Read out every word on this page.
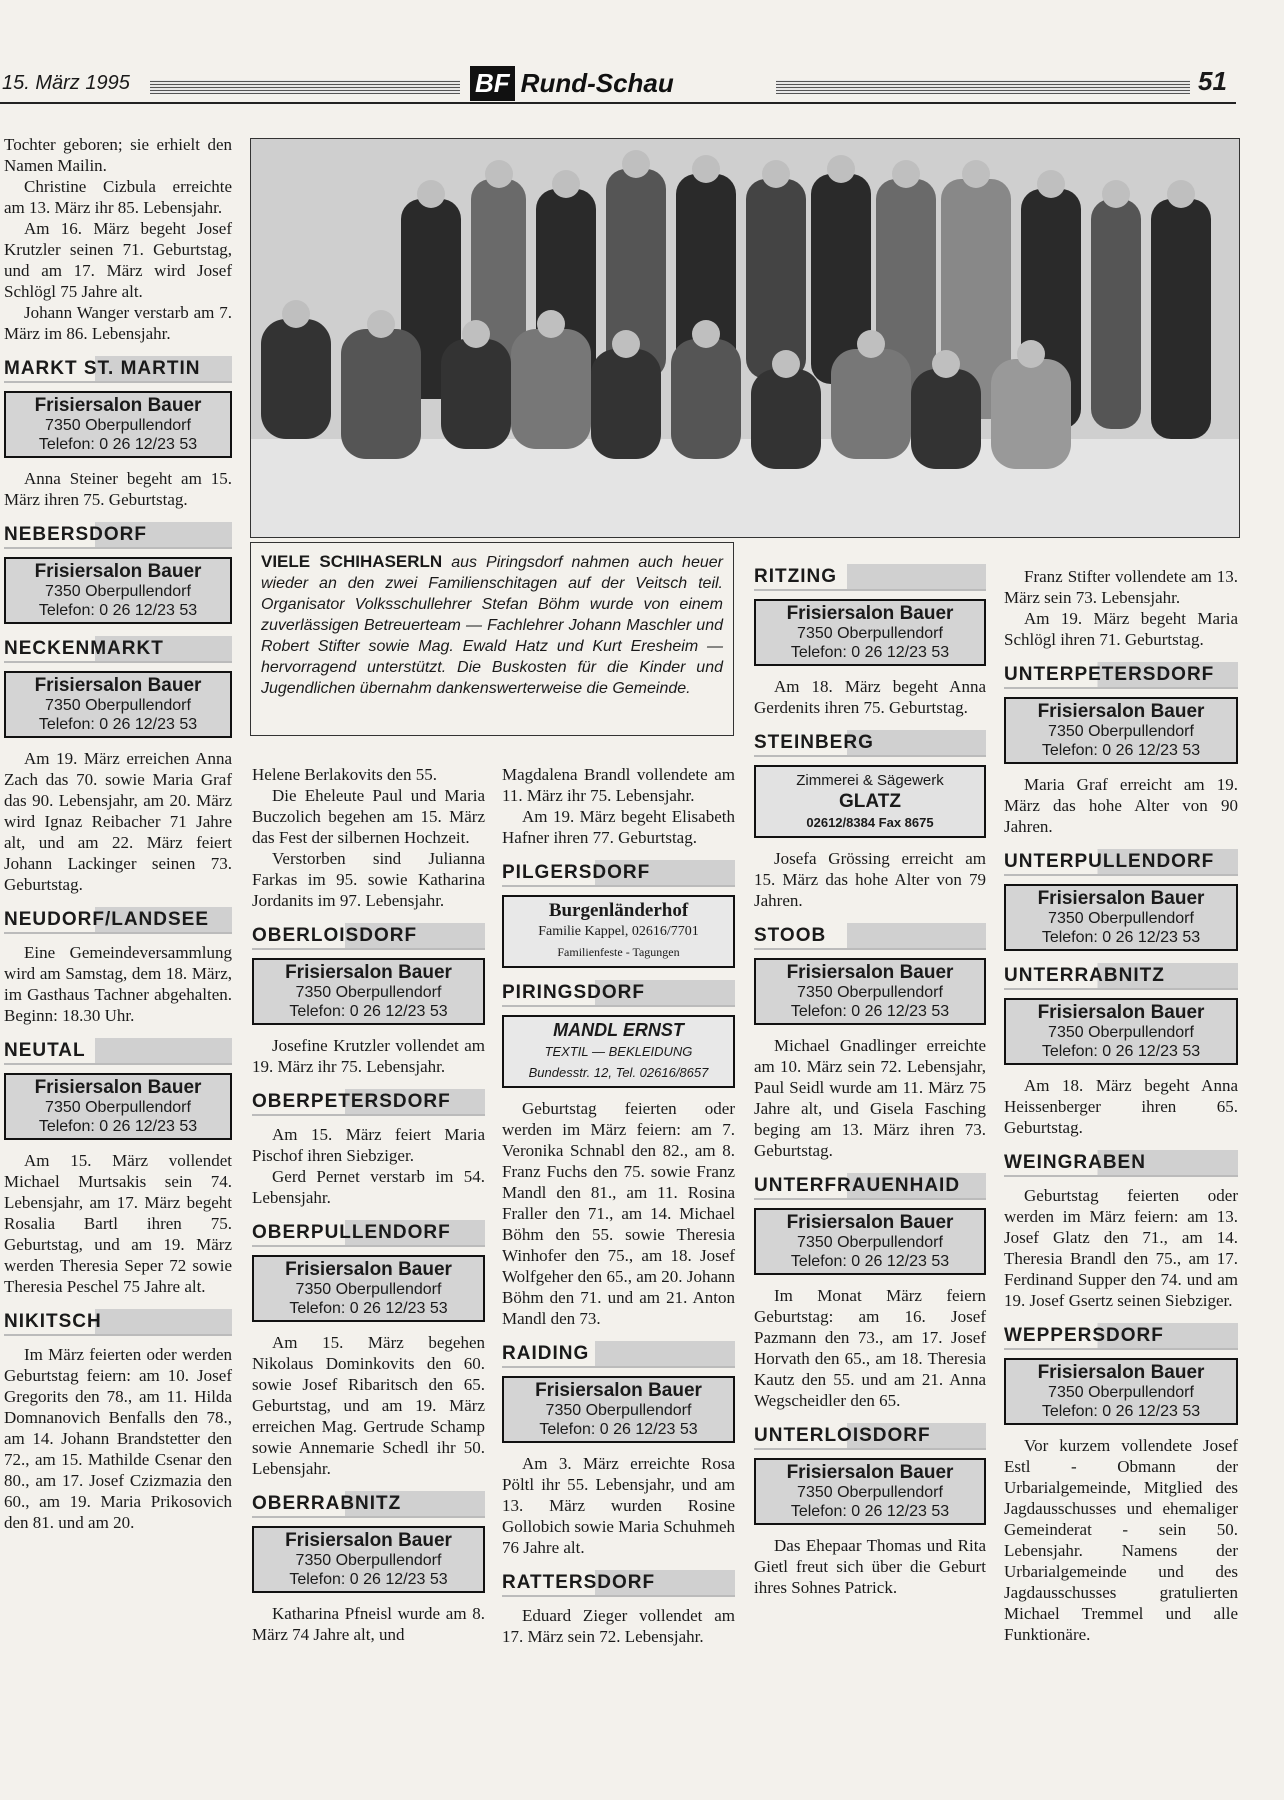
15. März 1995	BF Rund-Schau	51
VIELE SCHIHASERLN aus Piringsdorf nahmen auch heuer wieder an den zwei Familienschitagen auf der Veitsch teil. Organisator Volksschullehrer Stefan Böhm wurde von einem zuverlässigen Betreuerteam — Fachlehrer Johann Maschler und Robert Stifter sowie Mag. Ewald Hatz und Kurt Eresheim — hervorragend unterstützt. Die Buskosten für die Kinder und Jugendlichen übernahm dankenswerterweise die Gemeinde.

Tochter geboren; sie erhielt den Namen Mailin.

Christine Cizbula erreichte am 13. März ihr 85. Lebensjahr.

Am 16. März begeht Josef Krutzler seinen 71. Geburtstag, und am 17. März wird Josef Schlögl 75 Jahre alt.

Johann Wanger verstarb am 7. März im 86. Lebensjahr.

MARKT ST. MARTIN
Frisiersalon Bauer
7350 Oberpullendorf
Telefon: 0 26 12/23 53

Anna Steiner begeht am 15. März ihren 75. Geburtstag.

NEBERSDORF
Frisiersalon Bauer
7350 Oberpullendorf
Telefon: 0 26 12/23 53
NECKENMARKT
Frisiersalon Bauer
7350 Oberpullendorf
Telefon: 0 26 12/23 53

Am 19. März erreichen Anna Zach das 70. sowie Maria Graf das 90. Lebensjahr, am 20. März wird Ignaz Reibacher 71 Jahre alt, und am 22. März feiert Johann Lackinger seinen 73. Geburtstag.

NEUDORF/LANDSEE

Eine Gemeindeversammlung wird am Samstag, dem 18. März, im Gasthaus Tachner abgehalten. Beginn: 18.30 Uhr.

NEUTAL
Frisiersalon Bauer
7350 Oberpullendorf
Telefon: 0 26 12/23 53

Am 15. März vollendet Michael Murtsakis sein 74. Lebensjahr, am 17. März begeht Rosalia Bartl ihren 75. Geburtstag, und am 19. März werden Theresia Seper 72 sowie Theresia Peschel 75 Jahre alt.

NIKITSCH

Im März feierten oder werden Geburtstag feiern: am 10. Josef Gregorits den 78., am 11. Hilda Domnanovich Benfalls den 78., am 14. Johann Brandstetter den 72., am 15. Mathilde Csenar den 80., am 17. Josef Czizmazia den 60., am 19. Maria Prikosovich den 81. und am 20.

Helene Berlakovits den 55.

Die Eheleute Paul und Maria Buczolich begehen am 15. März das Fest der silbernen Hochzeit.

Verstorben sind Julianna Farkas im 95. sowie Katharina Jordanits im 97. Lebensjahr.

OBERLOISDORF
Frisiersalon Bauer
7350 Oberpullendorf
Telefon: 0 26 12/23 53

Josefine Krutzler vollendet am 19. März ihr 75. Lebensjahr.

OBERPETERSDORF

Am 15. März feiert Maria Pischof ihren Siebziger.

Gerd Pernet verstarb im 54. Lebensjahr.

OBERPULLENDORF
Frisiersalon Bauer
7350 Oberpullendorf
Telefon: 0 26 12/23 53

Am 15. März begehen Nikolaus Dominkovits den 60. sowie Josef Ribaritsch den 65. Geburtstag, und am 19. März erreichen Mag. Gertrude Schamp sowie Annemarie Schedl ihr 50. Lebensjahr.

OBERRABNITZ
Frisiersalon Bauer
7350 Oberpullendorf
Telefon: 0 26 12/23 53

Katharina Pfneisl wurde am 8. März 74 Jahre alt, und

Magdalena Brandl vollendete am 11. März ihr 75. Lebensjahr.

Am 19. März begeht Elisabeth Hafner ihren 77. Geburtstag.

PILGERSDORF
Burgenländerhof
Familie Kappel, 02616/7701
Familienfeste - Tagungen
PIRINGSDORF
MANDL ERNST
TEXTIL — BEKLEIDUNG
Bundesstr. 12, Tel. 02616/8657

Geburtstag feierten oder werden im März feiern: am 7. Veronika Schnabl den 82., am 8. Franz Fuchs den 75. sowie Franz Mandl den 81., am 11. Rosina Fraller den 71., am 14. Michael Böhm den 55. sowie Theresia Winhofer den 75., am 18. Josef Wolfgeher den 65., am 20. Johann Böhm den 71. und am 21. Anton Mandl den 73.

RAIDING
Frisiersalon Bauer
7350 Oberpullendorf
Telefon: 0 26 12/23 53

Am 3. März erreichte Rosa Pöltl ihr 55. Lebensjahr, und am 13. März wurden Rosine Gollobich sowie Maria Schuhmeh 76 Jahre alt.

RATTERSDORF

Eduard Zieger vollendet am 17. März sein 72. Lebensjahr.

RITZING
Frisiersalon Bauer
7350 Oberpullendorf
Telefon: 0 26 12/23 53

Am 18. März begeht Anna Gerdenits ihren 75. Geburtstag.

STEINBERG
Zimmerei & Sägewerk
GLATZ
02612/8384 Fax 8675

Josefa Grössing erreicht am 15. März das hohe Alter von 79 Jahren.

STOOB
Frisiersalon Bauer
7350 Oberpullendorf
Telefon: 0 26 12/23 53

Michael Gnadlinger erreichte am 10. März sein 72. Lebensjahr, Paul Seidl wurde am 11. März 75 Jahre alt, und Gisela Fasching beging am 13. März ihren 73. Geburtstag.

UNTERFRAUENHAID
Frisiersalon Bauer
7350 Oberpullendorf
Telefon: 0 26 12/23 53

Im Monat März feiern Geburtstag: am 16. Josef Pazmann den 73., am 17. Josef Horvath den 65., am 18. Theresia Kautz den 55. und am 21. Anna Wegscheidler den 65.

UNTERLOISDORF
Frisiersalon Bauer
7350 Oberpullendorf
Telefon: 0 26 12/23 53

Das Ehepaar Thomas und Rita Gietl freut sich über die Geburt ihres Sohnes Patrick.

Franz Stifter vollendete am 13. März sein 73. Lebensjahr.

Am 19. März begeht Maria Schlögl ihren 71. Geburtstag.

UNTERPETERSDORF
Frisiersalon Bauer
7350 Oberpullendorf
Telefon: 0 26 12/23 53

Maria Graf erreicht am 19. März das hohe Alter von 90 Jahren.

UNTERPULLENDORF
Frisiersalon Bauer
7350 Oberpullendorf
Telefon: 0 26 12/23 53
UNTERRABNITZ
Frisiersalon Bauer
7350 Oberpullendorf
Telefon: 0 26 12/23 53

Am 18. März begeht Anna Heissenberger ihren 65. Geburtstag.

WEINGRABEN

Geburtstag feierten oder werden im März feiern: am 13. Josef Glatz den 71., am 14. Theresia Brandl den 75., am 17. Ferdinand Supper den 74. und am 19. Josef Gsertz seinen Siebziger.

WEPPERSDORF
Frisiersalon Bauer
7350 Oberpullendorf
Telefon: 0 26 12/23 53

Vor kurzem vollendete Josef Estl - Obmann der Urbarialgemeinde, Mitglied des Jagdausschusses und ehemaliger Gemeinderat - sein 50. Lebensjahr. Namens der Urbarialgemeinde und des Jagdausschusses gratulierten Michael Tremmel und alle Funktionäre.
